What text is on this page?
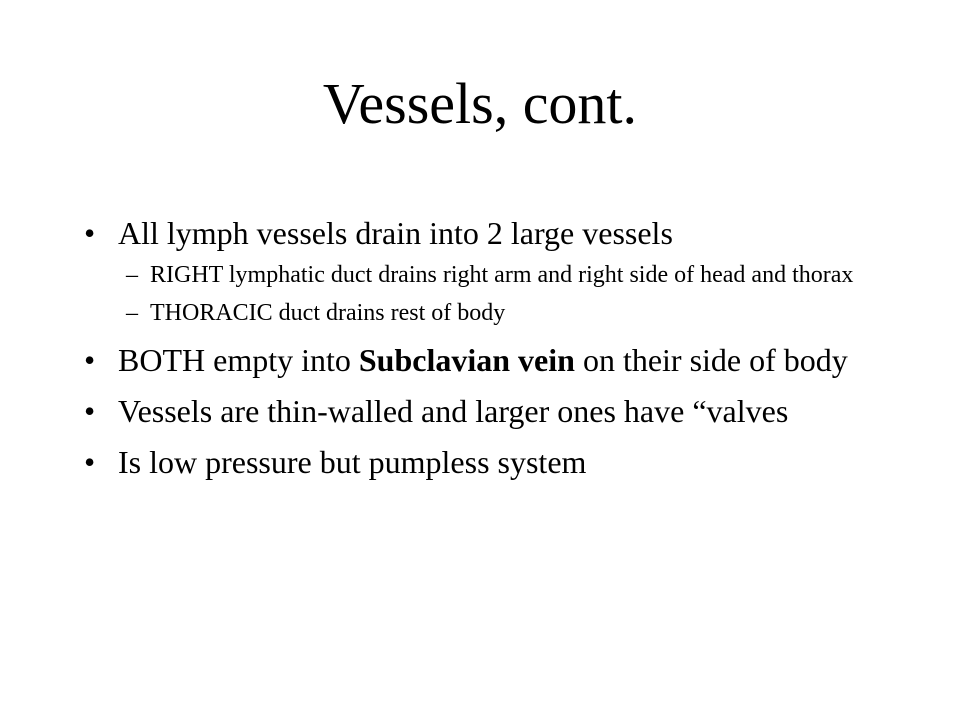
Vessels, cont.
• All lymph vessels drain into 2 large vessels
– RIGHT lymphatic duct drains right arm and right side of head and thorax
– THORACIC duct drains rest of body
• BOTH empty into Subclavian vein on their side of body
• Vessels are thin-walled and larger ones have “valves
• Is low pressure but pumpless system
